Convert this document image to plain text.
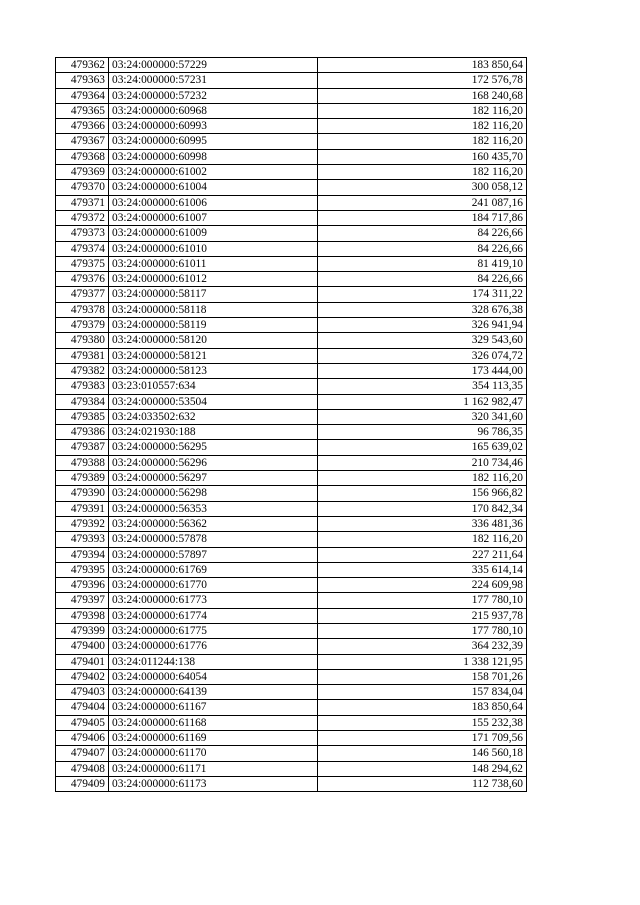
479362	03:24:000000:57229	183 850,64
479363	03:24:000000:57231	172 576,78
479364	03:24:000000:57232	168 240,68
479365	03:24:000000:60968	182 116,20
479366	03:24:000000:60993	182 116,20
479367	03:24:000000:60995	182 116,20
479368	03:24:000000:60998	160 435,70
479369	03:24:000000:61002	182 116,20
479370	03:24:000000:61004	300 058,12
479371	03:24:000000:61006	241 087,16
479372	03:24:000000:61007	184 717,86
479373	03:24:000000:61009	84 226,66
479374	03:24:000000:61010	84 226,66
479375	03:24:000000:61011	81 419,10
479376	03:24:000000:61012	84 226,66
479377	03:24:000000:58117	174 311,22
479378	03:24:000000:58118	328 676,38
479379	03:24:000000:58119	326 941,94
479380	03:24:000000:58120	329 543,60
479381	03:24:000000:58121	326 074,72
479382	03:24:000000:58123	173 444,00
479383	03:23:010557:634	354 113,35
479384	03:24:000000:53504	1 162 982,47
479385	03:24:033502:632	320 341,60
479386	03:24:021930:188	96 786,35
479387	03:24:000000:56295	165 639,02
479388	03:24:000000:56296	210 734,46
479389	03:24:000000:56297	182 116,20
479390	03:24:000000:56298	156 966,82
479391	03:24:000000:56353	170 842,34
479392	03:24:000000:56362	336 481,36
479393	03:24:000000:57878	182 116,20
479394	03:24:000000:57897	227 211,64
479395	03:24:000000:61769	335 614,14
479396	03:24:000000:61770	224 609,98
479397	03:24:000000:61773	177 780,10
479398	03:24:000000:61774	215 937,78
479399	03:24:000000:61775	177 780,10
479400	03:24:000000:61776	364 232,39
479401	03:24:011244:138	1 338 121,95
479402	03:24:000000:64054	158 701,26
479403	03:24:000000:64139	157 834,04
479404	03:24:000000:61167	183 850,64
479405	03:24:000000:61168	155 232,38
479406	03:24:000000:61169	171 709,56
479407	03:24:000000:61170	146 560,18
479408	03:24:000000:61171	148 294,62
479409	03:24:000000:61173	112 738,60
